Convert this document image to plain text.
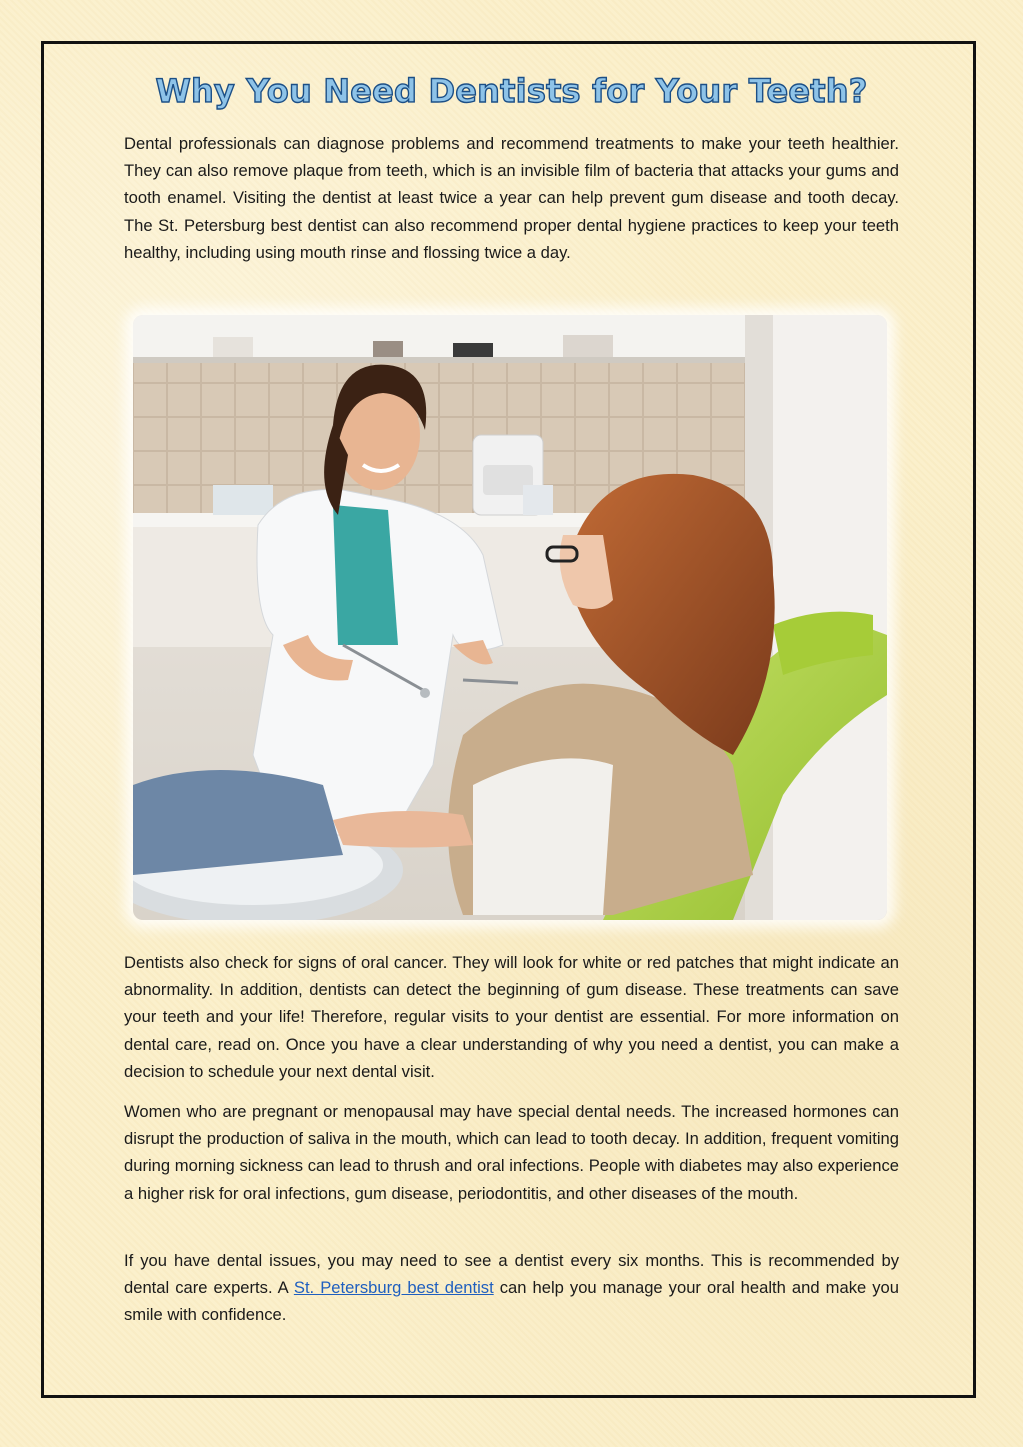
Why You Need Dentists for Your Teeth?

Dental professionals can diagnose problems and recommend treatments to make your teeth healthier. They can also remove plaque from teeth, which is an invisible film of bacteria that attacks your gums and tooth enamel. Visiting the dentist at least twice a year can help prevent gum disease and tooth decay. The St. Petersburg best dentist can also recommend proper dental hygiene practices to keep your teeth healthy, including using mouth rinse and flossing twice a day.

Dentists also check for signs of oral cancer. They will look for white or red patches that might indicate an abnormality. In addition, dentists can detect the beginning of gum disease. These treatments can save your teeth and your life! Therefore, regular visits to your dentist are essential. For more information on dental care, read on. Once you have a clear understanding of why you need a dentist, you can make a decision to schedule your next dental visit.

Women who are pregnant or menopausal may have special dental needs. The increased hormones can disrupt the production of saliva in the mouth, which can lead to tooth decay. In addition, frequent vomiting during morning sickness can lead to thrush and oral infections. People with diabetes may also experience a higher risk for oral infections, gum disease, periodontitis, and other diseases of the mouth.

If you have dental issues, you may need to see a dentist every six months. This is recommended by dental care experts. A St. Petersburg best dentist can help you manage your oral health and make you smile with confidence.
